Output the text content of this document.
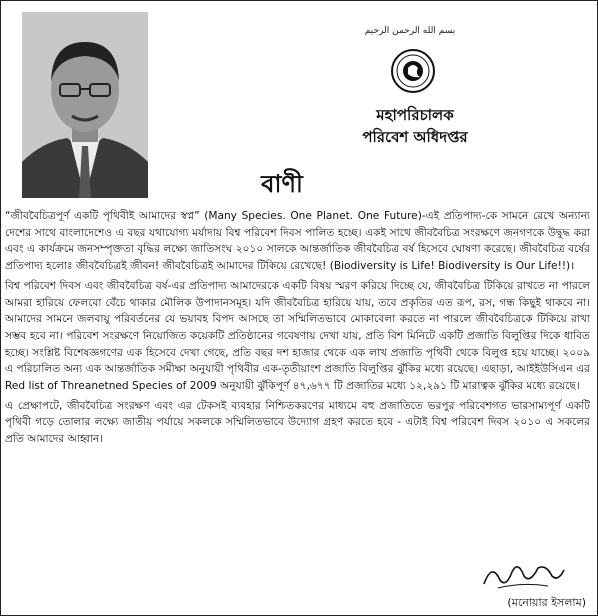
بسم الله الرحمن الرحيم
মহাপরিচালক
পরিবেশ অধিদপ্তর
বাণী

“জীববৈচিত্রপূর্ণ একটি পৃথিবীই আমাদের স্বপ্ন” (Many Species. One Planet. One Future)-এই প্রতিপাদ্য-কে সামনে রেখে অন্যান্য দেশের সাথে বাংলাদেশেও এ বছর যথাযোগ্য মর্যাদায় বিশ্ব পরিবেশ দিবস পালিত হচ্ছে। একই সাথে জীববৈচিত্র সংরক্ষণে জনগণকে উদ্বুদ্ধ করা এবং এ কার্যক্রমে জনসম্পৃক্ততা বৃদ্ধির লক্ষ্যে জাতিসংঘ ২০১০ সালকে আন্তর্জাতিক জীববৈচিত্র বর্ষ হিসেবে ঘোষণা করেছে। জীববৈচিত্র বর্ষের প্রতিপাদ্য হলোঃ জীববৈচিত্রই জীবন! জীববৈচিত্রই আমাদের টিকিয়ে রেখেছে! (Biodiversity is Life! Biodiversity is Our Life!!)।

বিশ্ব পরিবেশ দিবস এবং জীববৈচিত্র বর্ষ-এর প্রতিপাদ্য আমাদেরকে একটি বিষয় স্মরণ করিয়ে দিচ্ছে যে, জীববৈচিত্র টিকিয়ে রাখতে না পারলে আমরা হারিয়ে ফেলবো বেঁচে থাকার মৌলিক উপাদানসমূহ। যদি জীববৈচিত্র হারিয়ে যায়, তবে প্রকৃতির এত রূপ, রস, গন্ধ কিছুই থাকবে না। আমাদের সামনে জলবায়ু পরিবর্তনের যে ভয়াবহ বিপদ আসছে তা সম্মিলিতভাবে মোকাবেলা করতে না পারলে জীববৈচিত্রকে টিকিয়ে রাখা সম্ভব হবে না। পরিবেশ সংরক্ষণে নিয়োজিত কয়েকটি প্রতিষ্ঠানের গবেষণায় দেখা যায়, প্রতি বিশ মিনিটে একটি প্রজাতি বিলুপ্তির দিকে ধাবিত হচ্ছে। সংশ্লিষ্ট বিশেষজ্ঞগণের এক হিসেবে দেখা গেছে, প্রতি বছর দশ হাজার থেকে এক লাখ প্রজাতি পৃথিবী থেকে বিলুপ্ত হয়ে যাচ্ছে। ২০০৯ এ পরিচালিত অন্য এক আন্তর্জাতিক সমীক্ষা অনুযায়ী পৃথিবীর এক-তৃতীয়াংশ প্রজাতি বিলুপ্তির ঝুঁকির মধ্যে রয়েছে। এছাড়া, আইইউসিএন এর Red list of Threanetned Species of 2009 অনুযায়ী ঝুঁকিপূর্ণ ৪৭,৬৭৭ টি প্রজাতির মধ্যে ১২,২৯১ টি মারাত্বক ঝুঁকির মধ্যে রয়েছে।

এ প্রেক্ষাপটে, জীববৈচিত্র সংরক্ষণ এবং এর টেকসই ব্যবহার নিশ্চিতকরণের মাধ্যমে বহু প্রজাতিতে ভরপুর পরিবেশগত ভারসাম্যপূর্ণ একটি পৃথিবী গড়ে তোলার লক্ষ্যে জাতীয় পর্যায়ে সকলকে সম্মিলিতভাবে উদ্যোগ গ্রহণ করতে হবে - এটাই বিশ্ব পরিবেশ দিবস ২০১০ এ সকলের প্রতি আমাদের আহ্বান।

(মনোয়ার ইসলাম)
